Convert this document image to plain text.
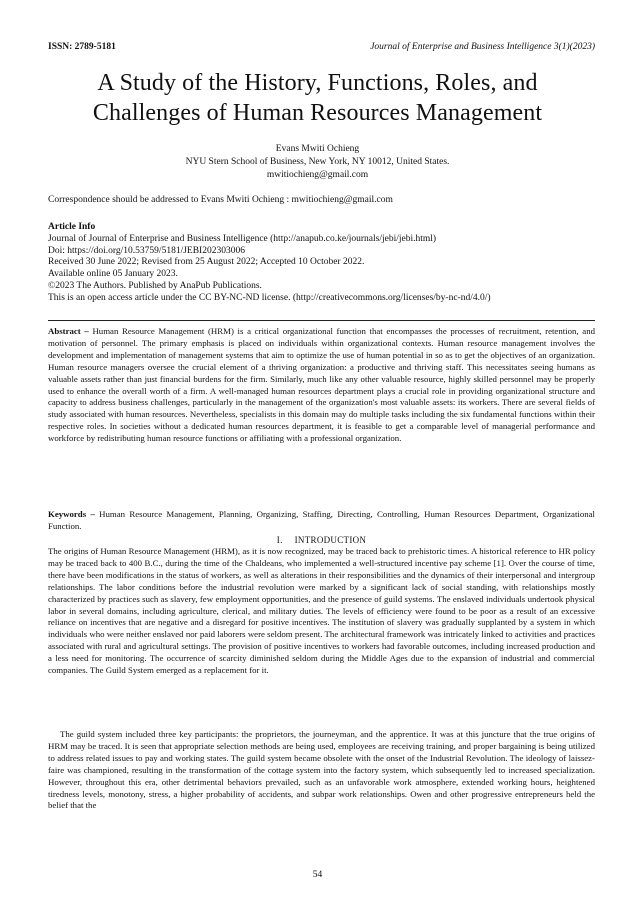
ISSN: 2789-5181	Journal of Enterprise and Business Intelligence 3(1)(2023)
A Study of the History, Functions, Roles, and
Challenges of Human Resources Management
Evans Mwiti Ochieng
NYU Stern School of Business, New York, NY 10012, United States.
mwitiochieng@gmail.com
Correspondence should be addressed to Evans Mwiti Ochieng : mwitiochieng@gmail.com
Article Info
Journal of Journal of Enterprise and Business Intelligence (http://anapub.co.ke/journals/jebi/jebi.html)
Doi: https://doi.org/10.53759/5181/JEBI202303006
Received 30 June 2022; Revised from 25 August 2022; Accepted 10 October 2022.
Available online 05 January 2023.
©2023 The Authors. Published by AnaPub Publications.
This is an open access article under the CC BY-NC-ND license. (http://creativecommons.org/licenses/by-nc-nd/4.0/)

Abstract – Human Resource Management (HRM) is a critical organizational function that encompasses the processes of recruitment, retention, and motivation of personnel. The primary emphasis is placed on individuals within organizational contexts. Human resource management involves the development and implementation of management systems that aim to optimize the use of human potential in so as to get the objectives of an organization. Human resource managers oversee the crucial element of a thriving organization: a productive and thriving staff. This necessitates seeing humans as valuable assets rather than just financial burdens for the firm. Similarly, much like any other valuable resource, highly skilled personnel may be properly used to enhance the overall worth of a firm. A well-managed human resources department plays a crucial role in providing organizational structure and capacity to address business challenges, particularly in the management of the organization's most valuable assets: its workers. There are several fields of study associated with human resources. Nevertheless, specialists in this domain may do multiple tasks including the six fundamental functions within their respective roles. In societies without a dedicated human resources department, it is feasible to get a comparable level of managerial performance and workforce by redistributing human resource functions or affiliating with a professional organization.

Keywords – Human Resource Management, Planning, Organizing, Staffing, Directing, Controlling, Human Resources Department, Organizational Function.

I. INTRODUCTION

The origins of Human Resource Management (HRM), as it is now recognized, may be traced back to prehistoric times. A historical reference to HR policy may be traced back to 400 B.C., during the time of the Chaldeans, who implemented a well-structured incentive pay scheme [1]. Over the course of time, there have been modifications in the status of workers, as well as alterations in their responsibilities and the dynamics of their interpersonal and intergroup relationships. The labor conditions before the industrial revolution were marked by a significant lack of social standing, with relationships mostly characterized by practices such as slavery, few employment opportunities, and the presence of guild systems. The enslaved individuals undertook physical labor in several domains, including agriculture, clerical, and military duties. The levels of efficiency were found to be poor as a result of an excessive reliance on incentives that are negative and a disregard for positive incentives. The institution of slavery was gradually supplanted by a system in which individuals who were neither enslaved nor paid laborers were seldom present. The architectural framework was intricately linked to activities and practices associated with rural and agricultural settings. The provision of positive incentives to workers had favorable outcomes, including increased production and a less need for monitoring. The occurrence of scarcity diminished seldom during the Middle Ages due to the expansion of industrial and commercial companies. The Guild System emerged as a replacement for it.

The guild system included three key participants: the proprietors, the journeyman, and the apprentice. It was at this juncture that the true origins of HRM may be traced. It is seen that appropriate selection methods are being used, employees are receiving training, and proper bargaining is being utilized to address related issues to pay and working states. The guild system became obsolete with the onset of the Industrial Revolution. The ideology of laissez-faire was championed, resulting in the transformation of the cottage system into the factory system, which subsequently led to increased specialization. However, throughout this era, other detrimental behaviors prevailed, such as an unfavorable work atmosphere, extended working hours, heightened tiredness levels, monotony, stress, a higher probability of accidents, and subpar work relationships. Owen and other progressive entrepreneurs held the belief that the

54
